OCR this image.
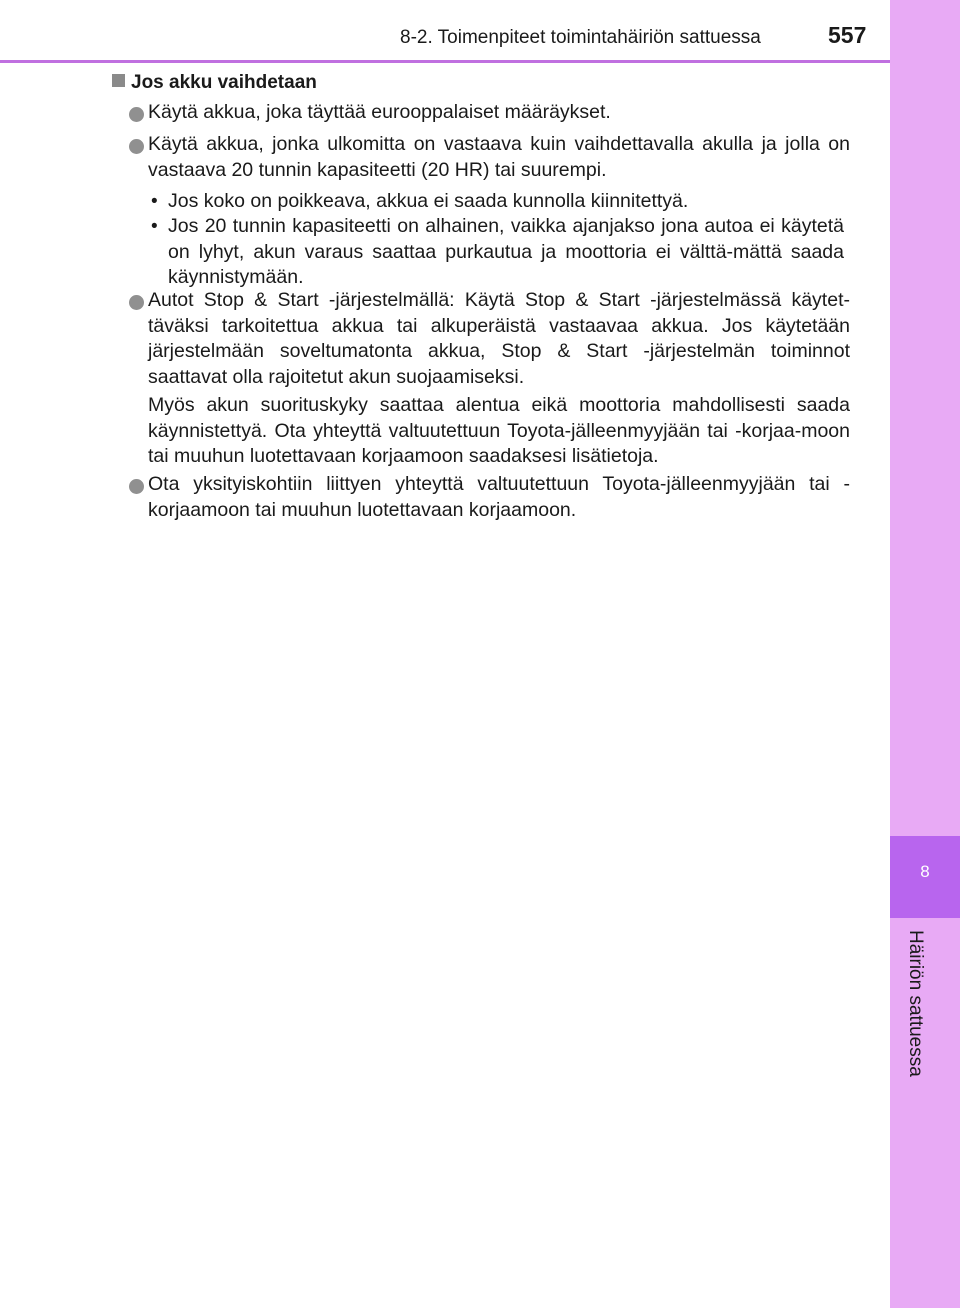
8
Häiriön sattuessa
8-2. Toimenpiteet toimintahäiriön sattuessa	557
Jos akku vaihdetaan
Käytä akkua, joka täyttää eurooppalaiset määräykset.
Käytä akkua, jonka ulkomitta on vastaava kuin vaihdettavalla akulla ja jolla on vastaava 20 tunnin kapasiteetti (20 HR) tai suurempi.
• Jos koko on poikkeava, akkua ei saada kunnolla kiinnitettyä.
• Jos 20 tunnin kapasiteetti on alhainen, vaikka ajanjakso jona autoa ei käytetä on lyhyt, akun varaus saattaa purkautua ja moottoria ei välttä-mättä saada käynnistymään.
Autot Stop & Start -järjestelmällä: Käytä Stop & Start -järjestelmässä käytet-täväksi tarkoitettua akkua tai alkuperäistä vastaavaa akkua. Jos käytetään järjestelmään soveltumatonta akkua, Stop & Start -järjestelmän toiminnot saattavat olla rajoitetut akun suojaamiseksi.
Myös akun suorituskyky saattaa alentua eikä moottoria mahdollisesti saada käynnistettyä. Ota yhteyttä valtuutettuun Toyota-jälleenmyyjään tai -korjaa-moon tai muuhun luotettavaan korjaamoon saadaksesi lisätietoja.
Ota yksityiskohtiin liittyen yhteyttä valtuutettuun Toyota-jälleenmyyjään tai -korjaamoon tai muuhun luotettavaan korjaamoon.
